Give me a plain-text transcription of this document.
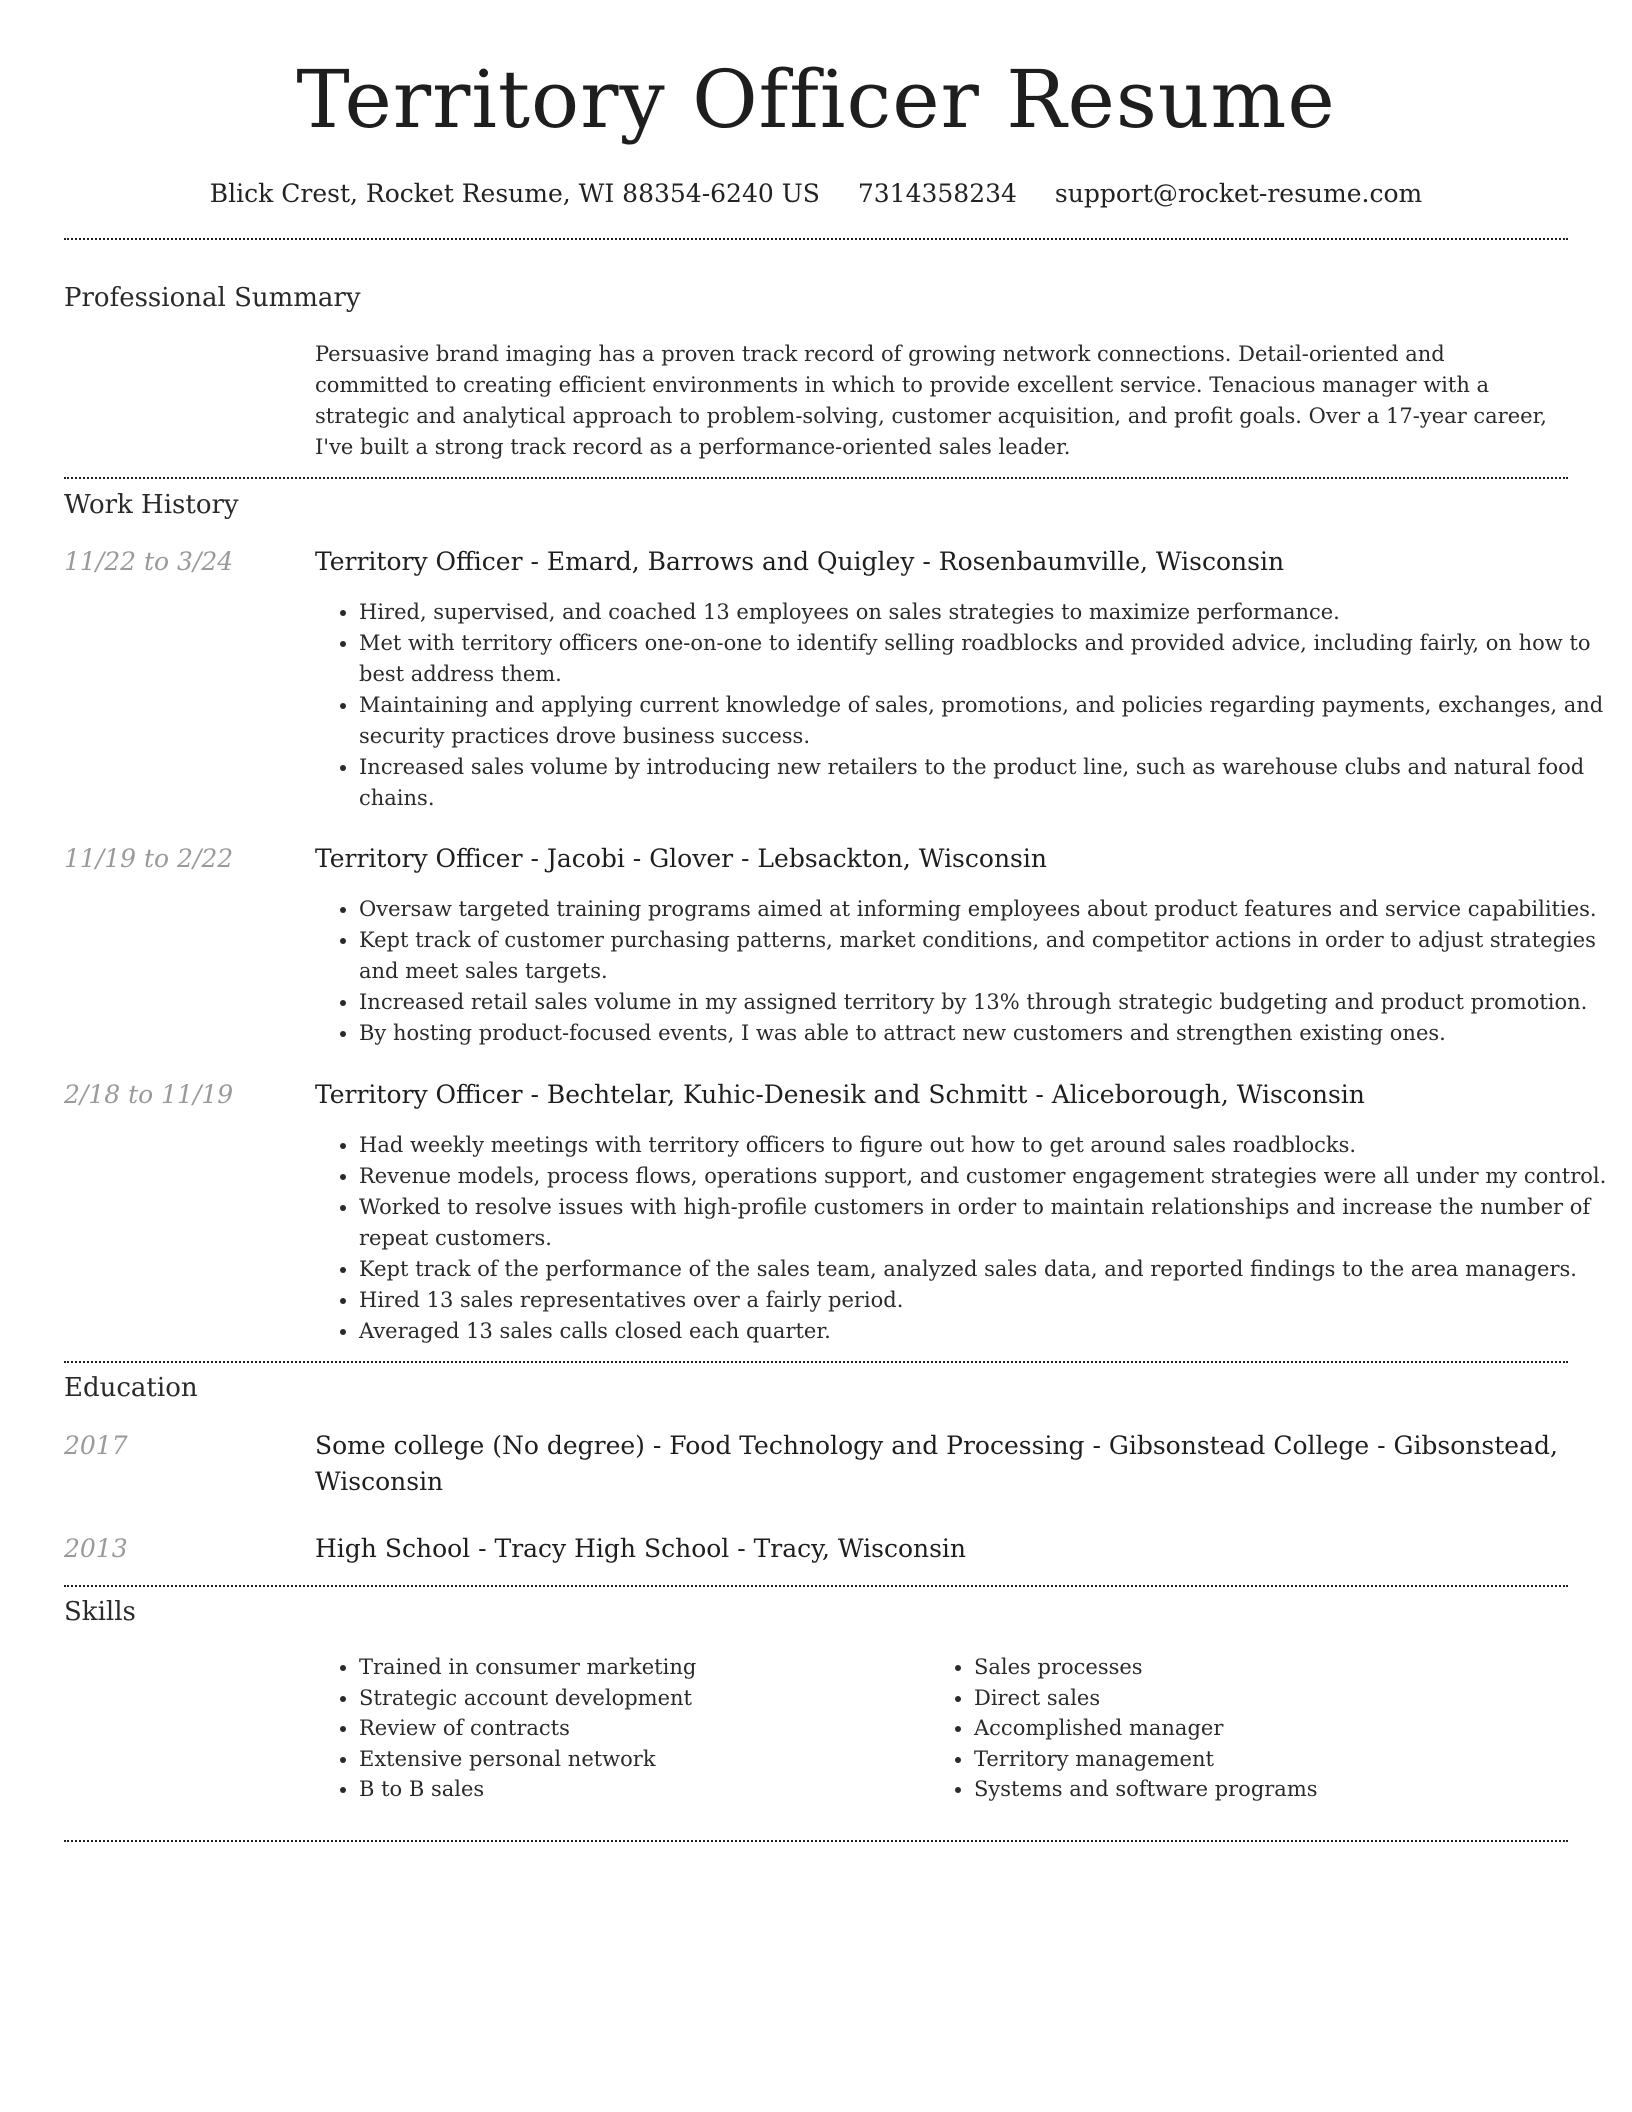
Territory Officer Resume
Blick Crest, Rocket Resume, WI 88354-6240 US 7314358234 support@rocket-resume.com
Professional Summary
Persuasive brand imaging has a proven track record of growing network connections. Detail-oriented and committed to creating efficient environments in which to provide excellent service. Tenacious manager with a strategic and analytical approach to problem-solving, customer acquisition, and profit goals. Over a 17-year career, I've built a strong track record as a performance-oriented sales leader.
Work History
11/22 to 3/24	Territory Officer - Emard, Barrows and Quigley - Rosenbaumville, Wisconsin
• Hired, supervised, and coached 13 employees on sales strategies to maximize performance.
• Met with territory officers one-on-one to identify selling roadblocks and provided advice, including fairly, on how to best address them.
• Maintaining and applying current knowledge of sales, promotions, and policies regarding payments, exchanges, and security practices drove business success.
• Increased sales volume by introducing new retailers to the product line, such as warehouse clubs and natural food chains.
11/19 to 2/22	Territory Officer - Jacobi - Glover - Lebsackton, Wisconsin
• Oversaw targeted training programs aimed at informing employees about product features and service capabilities.
• Kept track of customer purchasing patterns, market conditions, and competitor actions in order to adjust strategies and meet sales targets.
• Increased retail sales volume in my assigned territory by 13% through strategic budgeting and product promotion.
• By hosting product-focused events, I was able to attract new customers and strengthen existing ones.
2/18 to 11/19	Territory Officer - Bechtelar, Kuhic-Denesik and Schmitt - Aliceborough, Wisconsin
• Had weekly meetings with territory officers to figure out how to get around sales roadblocks.
• Revenue models, process flows, operations support, and customer engagement strategies were all under my control.
• Worked to resolve issues with high-profile customers in order to maintain relationships and increase the number of repeat customers.
• Kept track of the performance of the sales team, analyzed sales data, and reported findings to the area managers.
• Hired 13 sales representatives over a fairly period.
• Averaged 13 sales calls closed each quarter.
Education
2017	Some college (No degree) - Food Technology and Processing - Gibsonstead College - Gibsonstead, Wisconsin
2013	High School - Tracy High School - Tracy, Wisconsin
Skills
• Trained in consumer marketing
• Strategic account development
• Review of contracts
• Extensive personal network
• B to B sales
• Sales processes
• Direct sales
• Accomplished manager
• Territory management
• Systems and software programs
